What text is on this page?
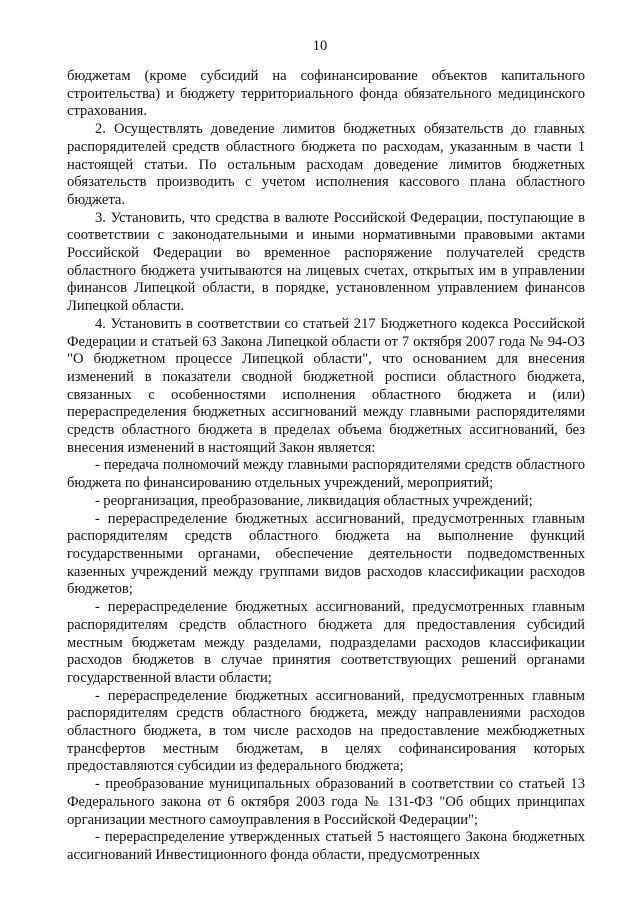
10

бюджетам (кроме субсидий на софинансирование объектов капитального строительства) и бюджету территориального фонда обязательного медицинского страхования.

2. Осуществлять доведение лимитов бюджетных обязательств до главных распорядителей средств областного бюджета по расходам, указанным в части 1 настоящей статьи. По остальным расходам доведение лимитов бюджетных обязательств производить с учетом исполнения кассового плана областного бюджета.

3. Установить, что средства в валюте Российской Федерации, поступающие в соответствии с законодательными и иными нормативными правовыми актами Российской Федерации во временное распоряжение получателей средств областного бюджета учитываются на лицевых счетах, открытых им в управлении финансов Липецкой области, в порядке, установленном управлением финансов Липецкой области.

4. Установить в соответствии со статьей 217 Бюджетного кодекса Российской Федерации и статьей 63 Закона Липецкой области от 7 октября 2007 года № 94-ОЗ "О бюджетном процессе Липецкой области", что основанием для внесения изменений в показатели сводной бюджетной росписи областного бюджета, связанных с особенностями исполнения областного бюджета и (или) перераспределения бюджетных ассигнований между главными распорядителями средств областного бюджета в пределах объема бюджетных ассигнований, без внесения изменений в настоящий Закон является:

- передача полномочий между главными распорядителями средств областного бюджета по финансированию отдельных учреждений, мероприятий;

- реорганизация, преобразование, ликвидация областных учреждений;

- перераспределение бюджетных ассигнований, предусмотренных главным распорядителям средств областного бюджета на выполнение функций государственными органами, обеспечение деятельности подведомственных казенных учреждений между группами видов расходов классификации расходов бюджетов;

- перераспределение бюджетных ассигнований, предусмотренных главным распорядителям средств областного бюджета для предоставления субсидий местным бюджетам между разделами, подразделами расходов классификации расходов бюджетов в случае принятия соответствующих решений органами государственной власти области;

- перераспределение бюджетных ассигнований, предусмотренных главным распорядителям средств областного бюджета, между направлениями расходов областного бюджета, в том числе расходов на предоставление межбюджетных трансфертов местным бюджетам, в целях софинансирования которых предоставляются субсидии из федерального бюджета;

- преобразование муниципальных образований в соответствии со статьей 13 Федерального закона от 6 октября 2003 года № 131-ФЗ "Об общих принципах организации местного самоуправления в Российской Федерации";

- перераспределение утвержденных статьей 5 настоящего Закона бюджетных ассигнований Инвестиционного фонда области, предусмотренных
